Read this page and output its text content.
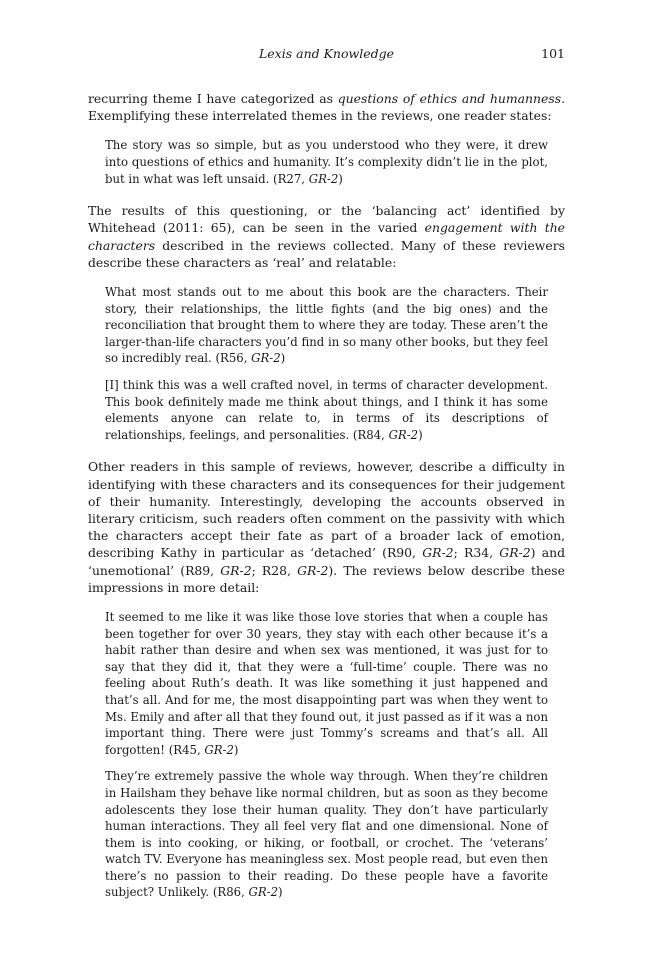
Lexis and Knowledge	101

recurring theme I have categorized as questions of ethics and humanness. Exemplifying these interrelated themes in the reviews, one reader states:

The story was so simple, but as you understood who they were, it drew into questions of ethics and humanity. It’s complexity didn’t lie in the plot, but in what was left unsaid. (R27, GR-2)

The results of this questioning, or the ‘balancing act’ identified by Whitehead (2011: 65), can be seen in the varied engagement with the characters described in the reviews collected. Many of these reviewers describe these characters as ‘real’ and relatable:

What most stands out to me about this book are the characters. Their story, their relationships, the little fights (and the big ones) and the reconciliation that brought them to where they are today. These aren’t the larger-than-life characters you’d find in so many other books, but they feel so incredibly real. (R56, GR-2)

[I] think this was a well crafted novel, in terms of character development. This book definitely made me think about things, and I think it has some elements anyone can relate to, in terms of its descriptions of relationships, feelings, and personalities. (R84, GR-2)

Other readers in this sample of reviews, however, describe a difficulty in identifying with these characters and its consequences for their judgement of their humanity. Interestingly, developing the accounts observed in literary criticism, such readers often comment on the passivity with which the characters accept their fate as part of a broader lack of emotion, describing Kathy in particular as ‘detached’ (R90, GR-2; R34, GR-2) and ‘unemotional’ (R89, GR-2; R28, GR-2). The reviews below describe these impressions in more detail:

It seemed to me like it was like those love stories that when a couple has been together for over 30 years, they stay with each other because it’s a habit rather than desire and when sex was mentioned, it was just for to say that they did it, that they were a ‘full-time’ couple. There was no feeling about Ruth’s death. It was like something it just happened and that’s all. And for me, the most disappointing part was when they went to Ms. Emily and after all that they found out, it just passed as if it was a non important thing. There were just Tommy’s screams and that’s all. All forgotten! (R45, GR-2)

They’re extremely passive the whole way through. When they’re children in Hailsham they behave like normal children, but as soon as they become adolescents they lose their human quality. They don’t have particularly human interactions. They all feel very flat and one dimensional. None of them is into cooking, or hiking, or football, or crochet. The ‘veterans’ watch TV. Everyone has meaningless sex. Most people read, but even then there’s no passion to their reading. Do these people have a favorite subject? Unlikely. (R86, GR-2)
